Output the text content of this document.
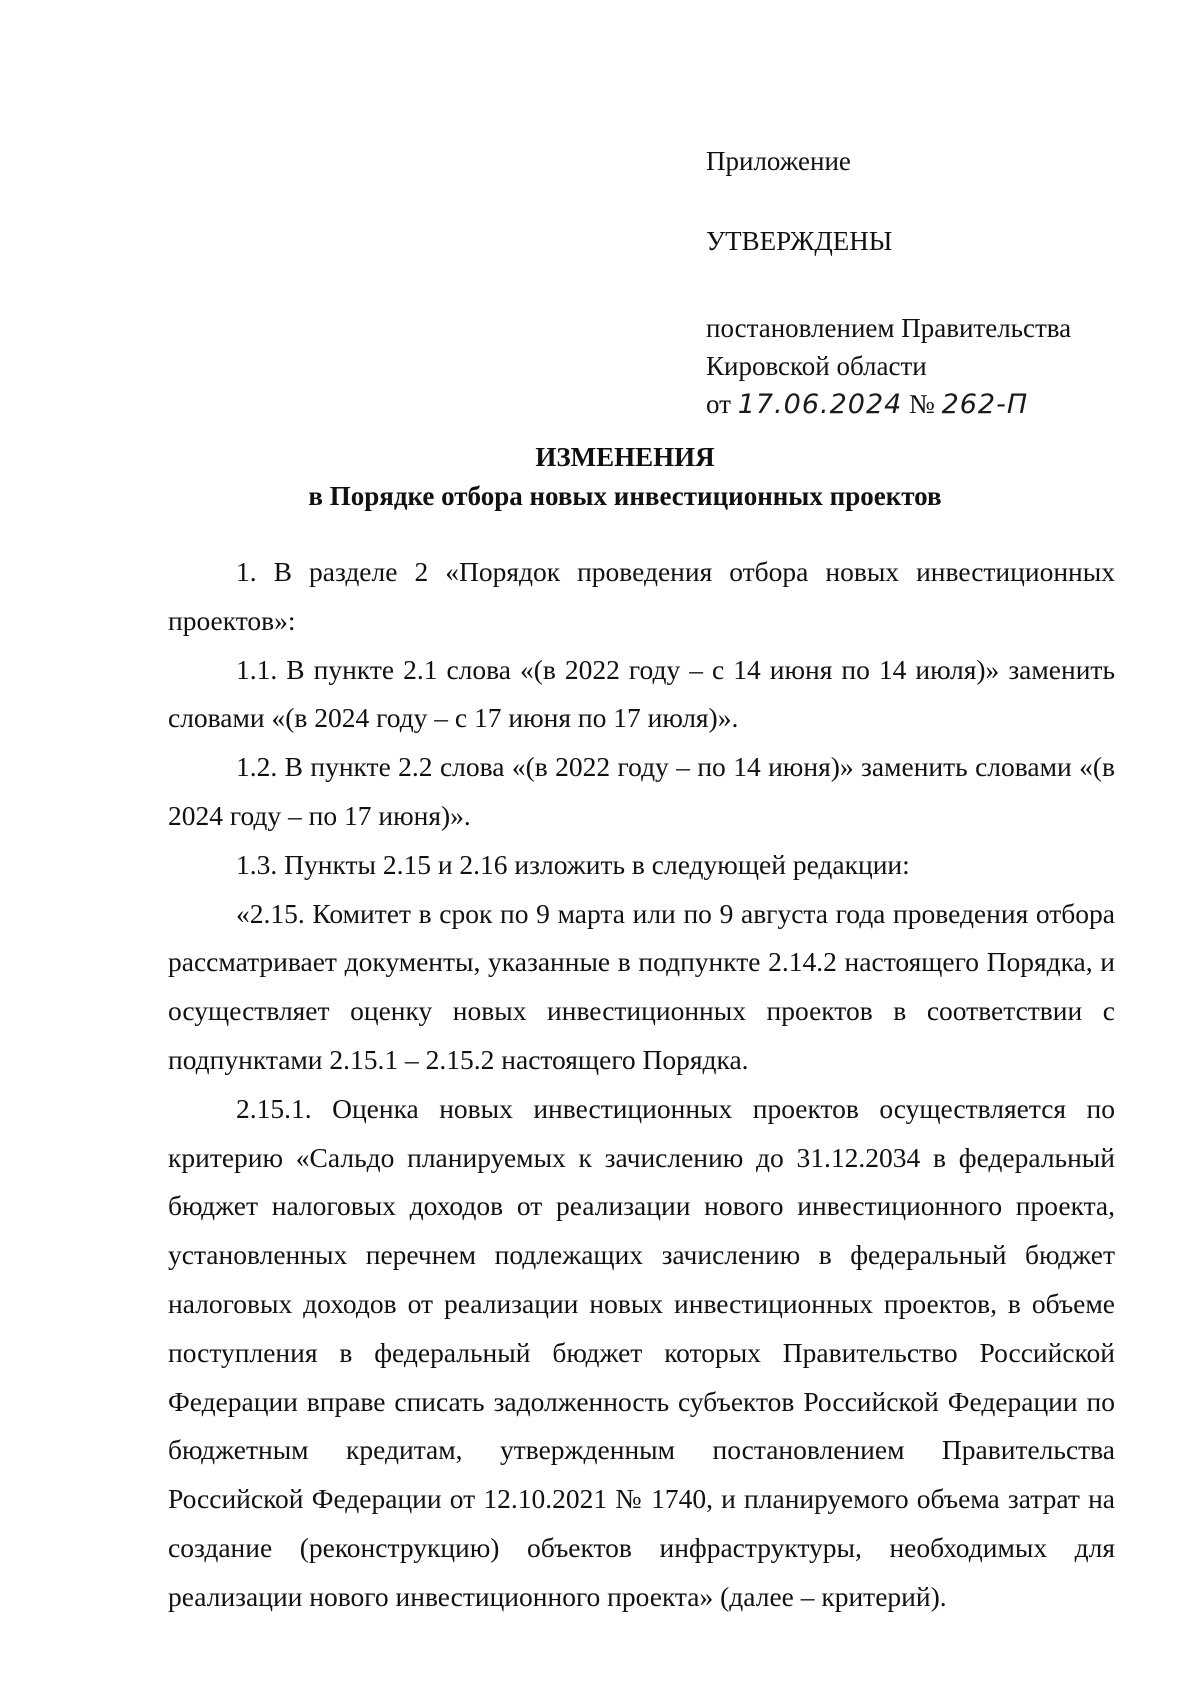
Приложение
УТВЕРЖДЕНЫ
постановлением Правительства
Кировской области
от 17.06.2024 № 262-П
ИЗМЕНЕНИЯ
в Порядке отбора новых инвестиционных проектов

1. В разделе 2 «Порядок проведения отбора новых инвестиционных проектов»:

1.1. В пункте 2.1 слова «(в 2022 году – с 14 июня по 14 июля)» заменить словами «(в 2024 году – с 17 июня по 17 июля)».

1.2. В пункте 2.2 слова «(в 2022 году – по 14 июня)» заменить словами «(в 2024 году – по 17 июня)».

1.3. Пункты 2.15 и 2.16 изложить в следующей редакции:

«2.15. Комитет в срок по 9 марта или по 9 августа года проведения отбора рассматривает документы, указанные в подпункте 2.14.2 настоящего Порядка, и осуществляет оценку новых инвестиционных проектов в соответствии с подпунктами 2.15.1 – 2.15.2 настоящего Порядка.

2.15.1. Оценка новых инвестиционных проектов осуществляется по критерию «Сальдо планируемых к зачислению до 31.12.2034 в федеральный бюджет налоговых доходов от реализации нового инвестиционного проекта, установленных перечнем подлежащих зачислению в федеральный бюджет налоговых доходов от реализации новых инвестиционных проектов, в объеме поступления в федеральный бюджет которых Правительство Российской Федерации вправе списать задолженность субъектов Российской Федерации по бюджетным кредитам, утвержденным постановлением Правительства Российской Федерации от 12.10.2021 № 1740, и планируемого объема затрат на создание (реконструкцию) объектов инфраструктуры, необходимых для реализации нового инвестиционного проекта» (далее – критерий).
